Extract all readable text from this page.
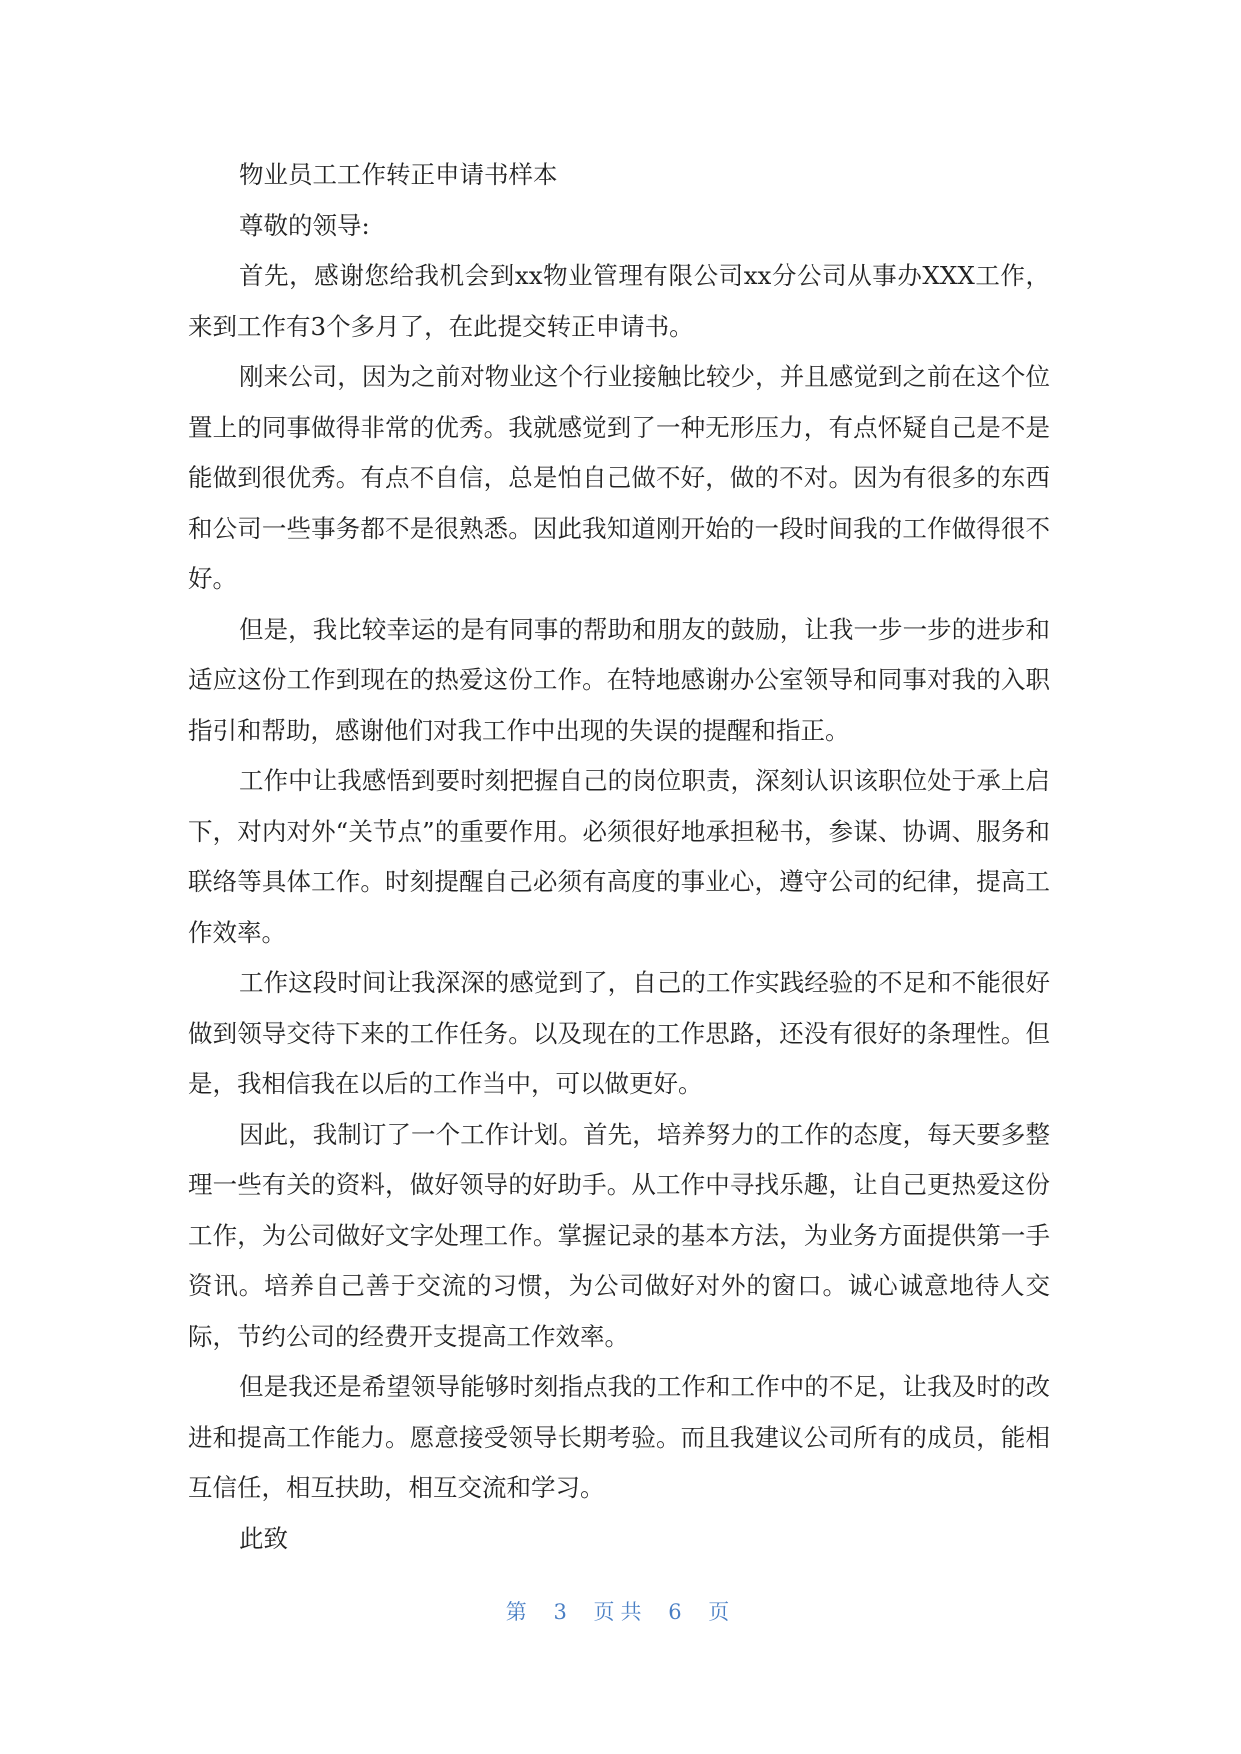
物业员工工作转正申请书样本

尊敬的领导:

首先，感谢您给我机会到xx物业管理有限公司xx分公司从事办XXX工作，来到工作有3个多月了，在此提交转正申请书。

刚来公司，因为之前对物业这个行业接触比较少，并且感觉到之前在这个位置上的同事做得非常的优秀。我就感觉到了一种无形压力，有点怀疑自己是不是能做到很优秀。有点不自信，总是怕自己做不好，做的不对。因为有很多的东西和公司一些事务都不是很熟悉。因此我知道刚开始的一段时间我的工作做得很不好。

但是，我比较幸运的是有同事的帮助和朋友的鼓励，让我一步一步的进步和适应这份工作到现在的热爱这份工作。在特地感谢办公室领导和同事对我的入职指引和帮助，感谢他们对我工作中出现的失误的提醒和指正。

工作中让我感悟到要时刻把握自己的岗位职责，深刻认识该职位处于承上启下，对内对外“关节点”的重要作用。必须很好地承担秘书，参谋、协调、服务和联络等具体工作。时刻提醒自己必须有高度的事业心，遵守公司的纪律，提高工作效率。

工作这段时间让我深深的感觉到了，自己的工作实践经验的不足和不能很好做到领导交待下来的工作任务。以及现在的工作思路，还没有很好的条理性。但是，我相信我在以后的工作当中，可以做更好。

因此，我制订了一个工作计划。首先，培养努力的工作的态度，每天要多整理一些有关的资料，做好领导的好助手。从工作中寻找乐趣，让自己更热爱这份工作，为公司做好文字处理工作。掌握记录的基本方法，为业务方面提供第一手资讯。培养自己善于交流的习惯，为公司做好对外的窗口。诚心诚意地待人交际，节约公司的经费开支提高工作效率。

但是我还是希望领导能够时刻指点我的工作和工作中的不足，让我及时的改进和提高工作能力。愿意接受领导长期考验。而且我建议公司所有的成员，能相互信任，相互扶助，相互交流和学习。

此致

第 3 页共 6 页
